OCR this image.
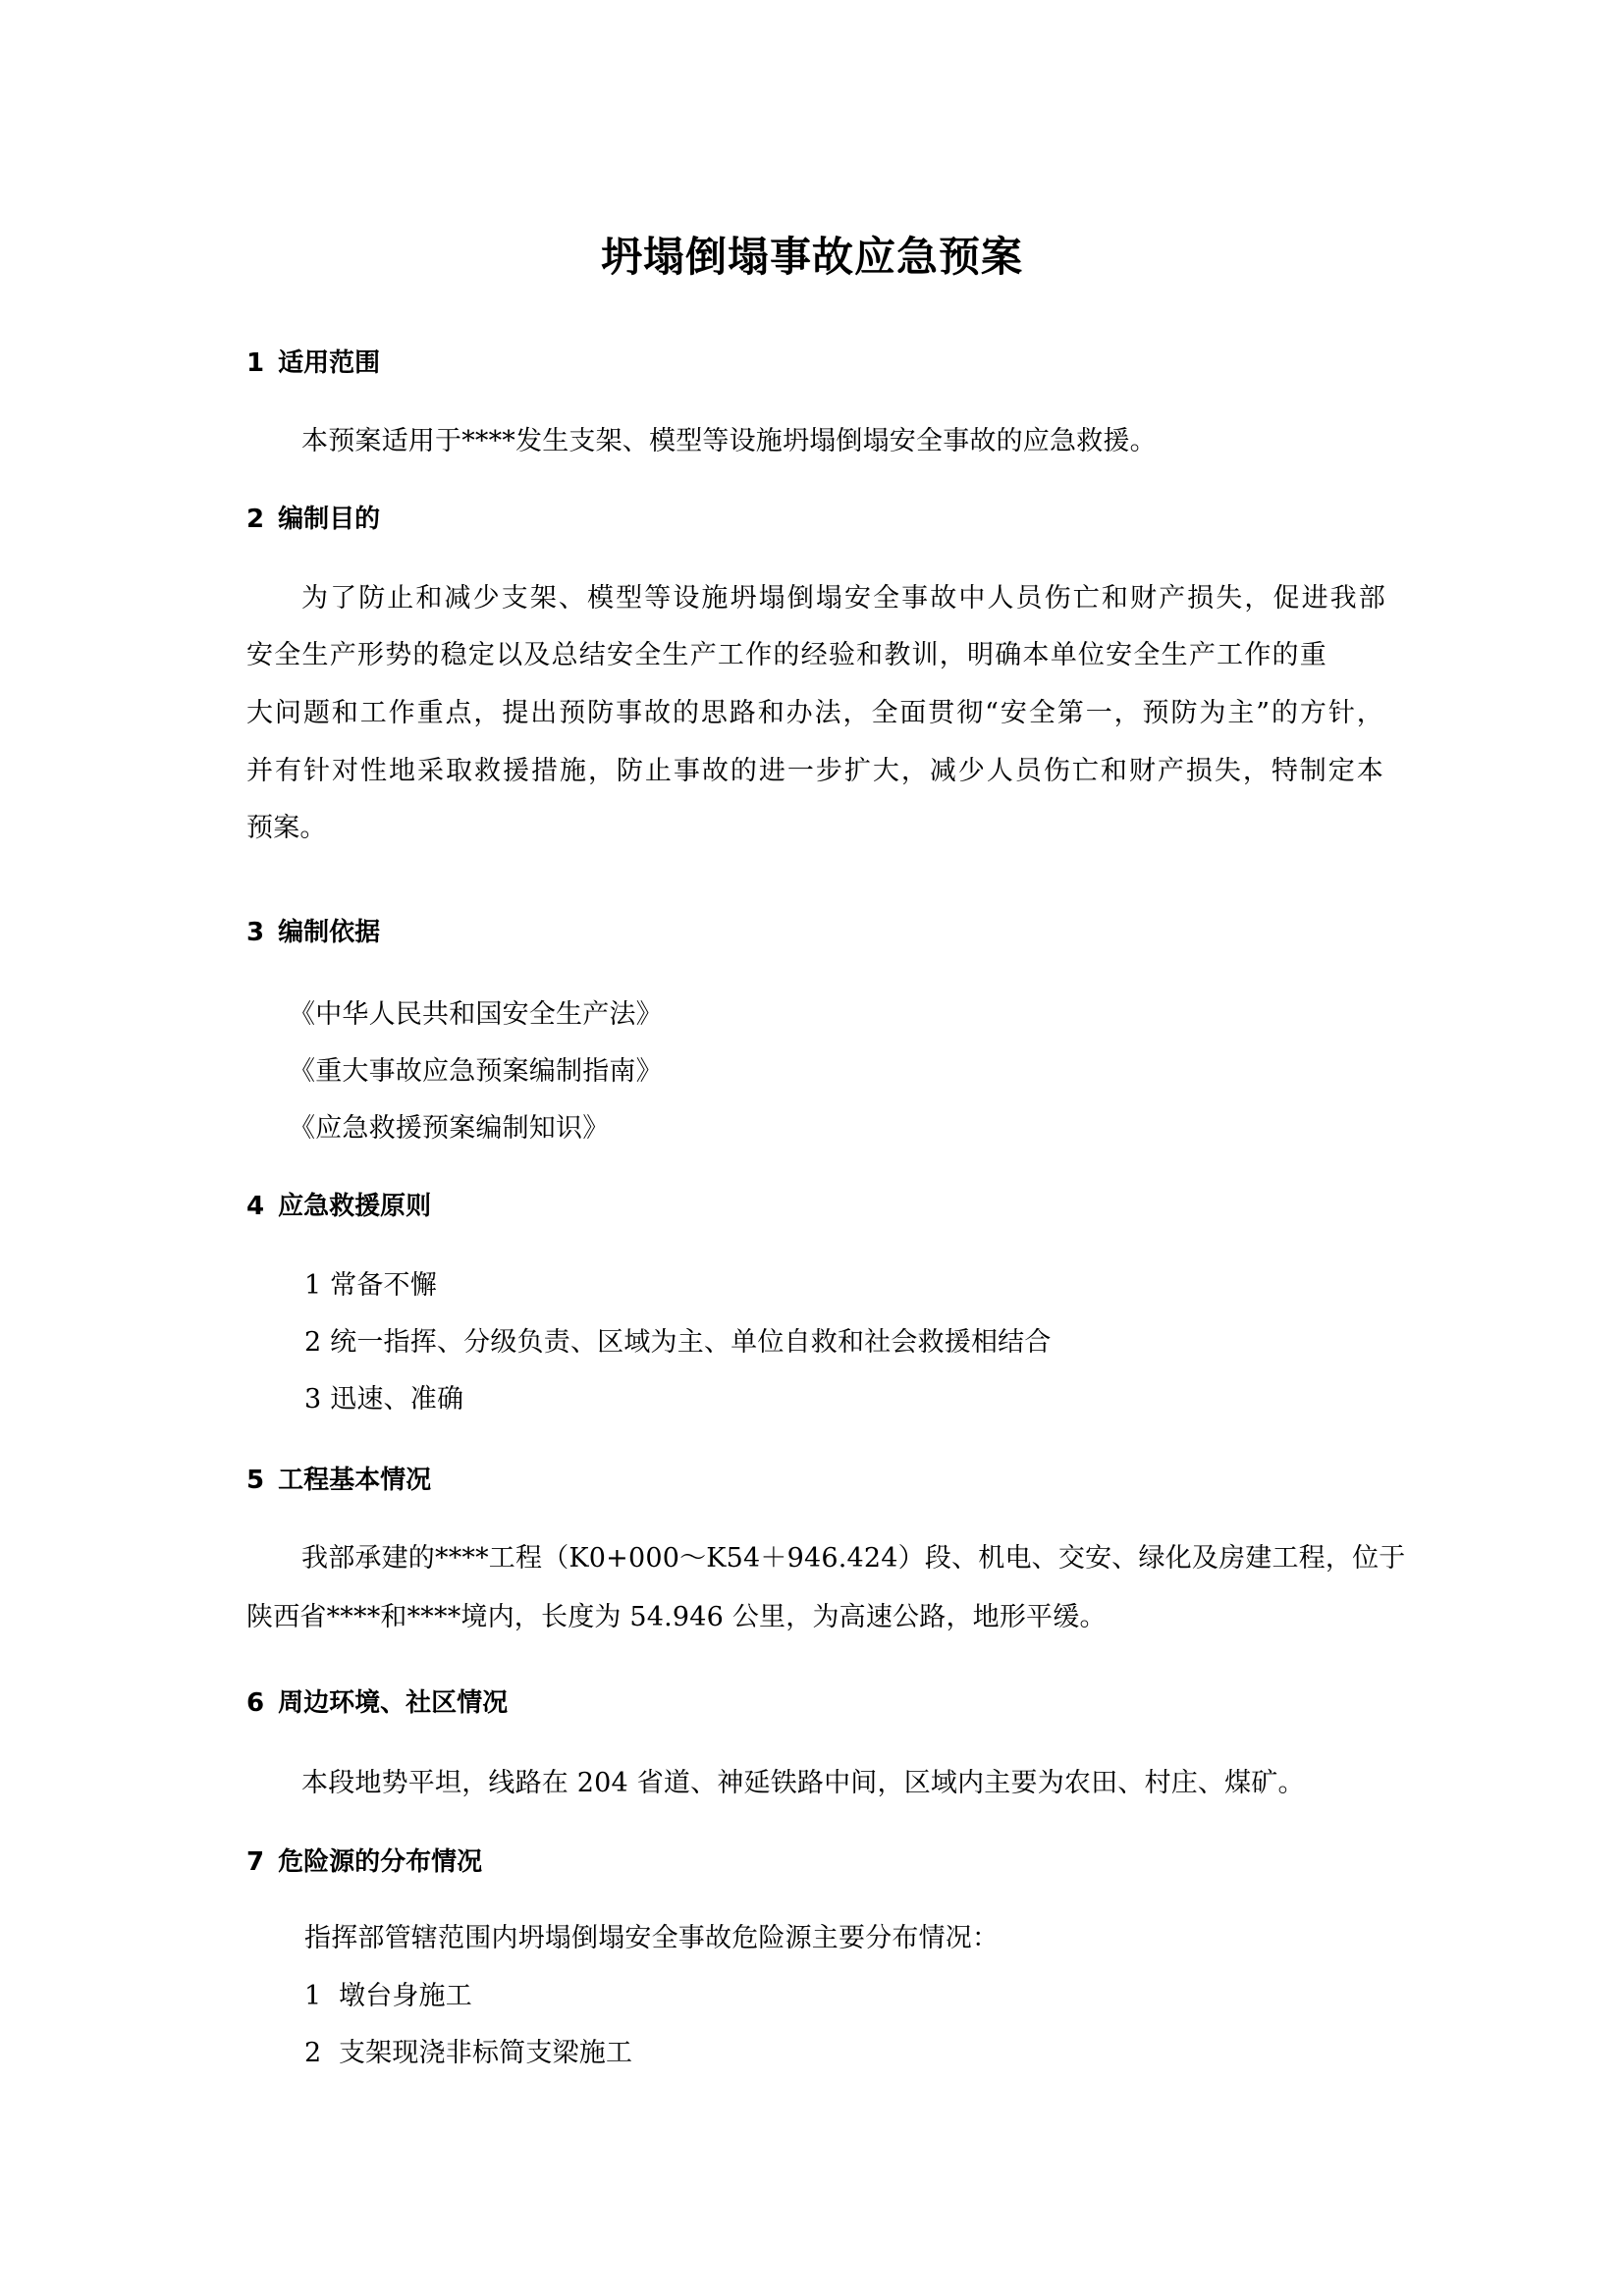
坍塌倒塌事故应急预案
1 适用范围
本预案适用于****发生支架、模型等设施坍塌倒塌安全事故的应急救援。
2 编制目的
为了防止和减少支架、模型等设施坍塌倒塌安全事故中人员伤亡和财产损失，促进我部
安全生产形势的稳定以及总结安全生产工作的经验和教训，明确本单位安全生产工作的重
大问题和工作重点，提出预防事故的思路和办法，全面贯彻“安全第一，预防为主”的方针，
并有针对性地采取救援措施，防止事故的进一步扩大，减少人员伤亡和财产损失，特制定本
预案。
3 编制依据
《中华人民共和国安全生产法》
《重大事故应急预案编制指南》
《应急救援预案编制知识》
4 应急救援原则
1 常备不懈
2 统一指挥、分级负责、区域为主、单位自救和社会救援相结合
3 迅速、准确
5 工程基本情况
我部承建的****工程（K0+000～K54＋946.424）段、机电、交安、绿化及房建工程，位于
陕西省****和****境内，长度为 54.946 公里，为高速公路，地形平缓。
6 周边环境、社区情况
本段地势平坦，线路在 204 省道、神延铁路中间，区域内主要为农田、村庄、煤矿。
7 危险源的分布情况
指挥部管辖范围内坍塌倒塌安全事故危险源主要分布情况：
1  墩台身施工
2  支架现浇非标简支梁施工
